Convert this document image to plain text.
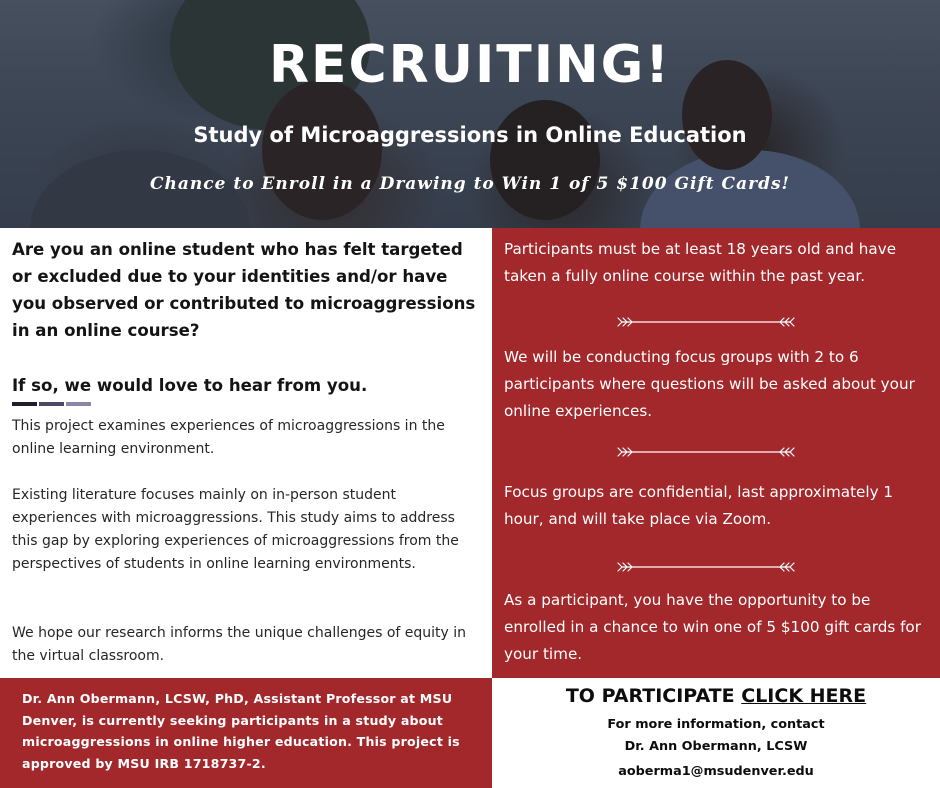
RECRUITING!
Study of Microaggressions in Online Education
Chance to Enroll in a Drawing to Win 1 of 5 $100 Gift Cards!
Are you an online student who has felt targeted or excluded due to your identities and/or have you observed or contributed to microaggressions in an online course?
If so, we would love to hear from you.
This project examines experiences of microaggressions in the online learning environment.
Existing literature focuses mainly on in-person student experiences with microaggressions. This study aims to address this gap by exploring experiences of microaggressions from the perspectives of students in online learning environments.
We hope our research informs the unique challenges of equity in the virtual classroom.
Participants must be at least 18 years old and have taken a fully online course within the past year.
We will be conducting focus groups with 2 to 6 participants where questions will be asked about your online experiences.
Focus groups are confidential, last approximately 1 hour, and will take place via Zoom.
As a participant, you have the opportunity to be enrolled in a chance to win one of 5 $100 gift cards for your time.
Dr. Ann Obermann, LCSW, PhD, Assistant Professor at MSU Denver, is currently seeking participants in a study about microaggressions in online higher education. This project is approved by MSU IRB 1718737-2.
TO PARTICIPATE CLICK HERE
For more information, contact
Dr. Ann Obermann, LCSW
aoberma1@msudenver.edu
